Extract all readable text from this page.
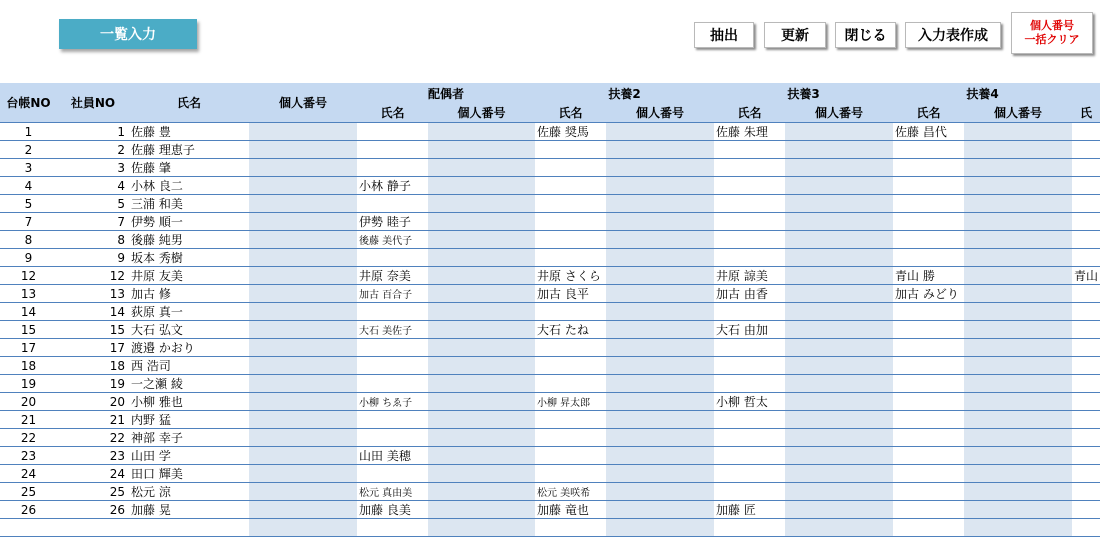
一覧入力	抽出	更新	閉じる	入力表作成
個人番号
一括クリア
台帳NO	社員NO	氏名	個人番号	配偶者		扶養2		扶養3		扶養4		
				氏名	個人番号	氏名	個人番号	氏名	個人番号	氏名	個人番号	氏
1	1	佐藤 豊				佐藤 奨馬		佐藤 朱理		佐藤 昌代		
2	2	佐藤 理恵子										
3	3	佐藤 肇										
4	4	小林 良二		小林 静子								
5	5	三浦 和美										
7	7	伊勢 順一		伊勢 睦子								
8	8	後藤 純男		後藤 美代子								
9	9	坂本 秀樹										
12	12	井原 友美		井原 奈美		井原 さくら		井原 諒美		青山 勝		青山
13	13	加古 修		加古 百合子		加古 良平		加古 由香		加古 みどり		
14	14	荻原 真一										
15	15	大石 弘文		大石 美佐子		大石 たね		大石 由加				
17	17	渡邉 かおり										
18	18	西 浩司										
19	19	一之瀬 綾										
20	20	小柳 雅也		小柳 ちゑ子		小柳 昇太郎		小柳 哲太				
21	21	内野 猛										
22	22	神部 幸子										
23	23	山田 学		山田 美穂								
24	24	田口 輝美										
25	25	松元 涼		松元 真由美		松元 美咲希						
26	26	加藤 晃		加藤 良美		加藤 竜也		加藤 匠				
